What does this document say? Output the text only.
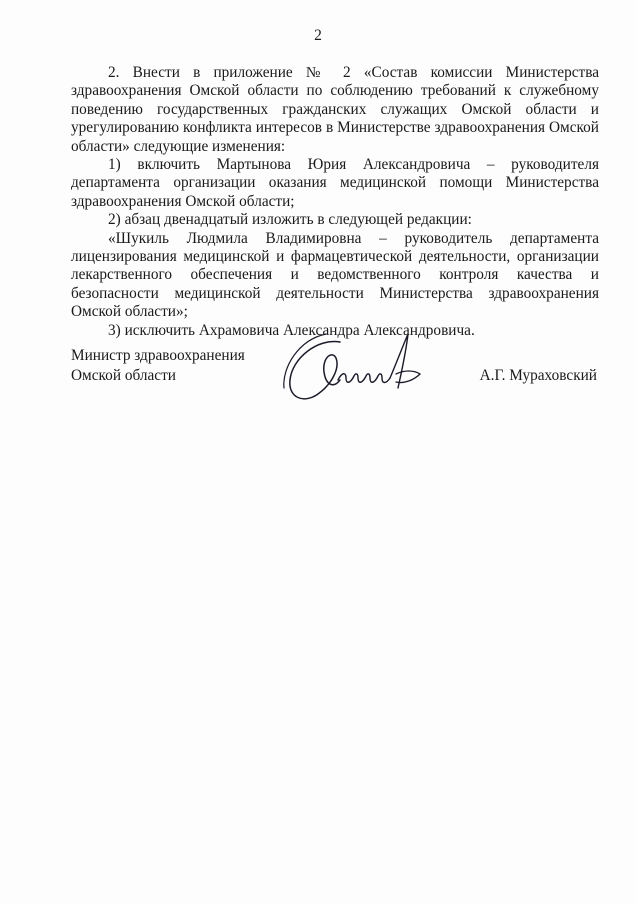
2

2. Внести в приложение № 2 «Состав комиссии Министерства здравоохранения Омской области по соблюдению требований к служебному поведению государственных гражданских служащих Омской области и урегулированию конфликта интересов в Министерстве здравоохранения Омской области» следующие изменения:

1) включить Мартынова Юрия Александровича – руководителя департамента организации оказания медицинской помощи Министерства здравоохранения Омской области;

2) абзац двенадцатый изложить в следующей редакции:

«Шукиль Людмила Владимировна – руководитель департамента лицензирования медицинской и фармацевтической деятельности, организации лекарственного обеспечения и ведомственного контроля качества и безопасности медицинской деятельности Министерства здравоохранения Омской области»;

3) исключить Ахрамовича Александра Александровича.

Министр здравоохранения
Омской области	А.Г. Мураховский
